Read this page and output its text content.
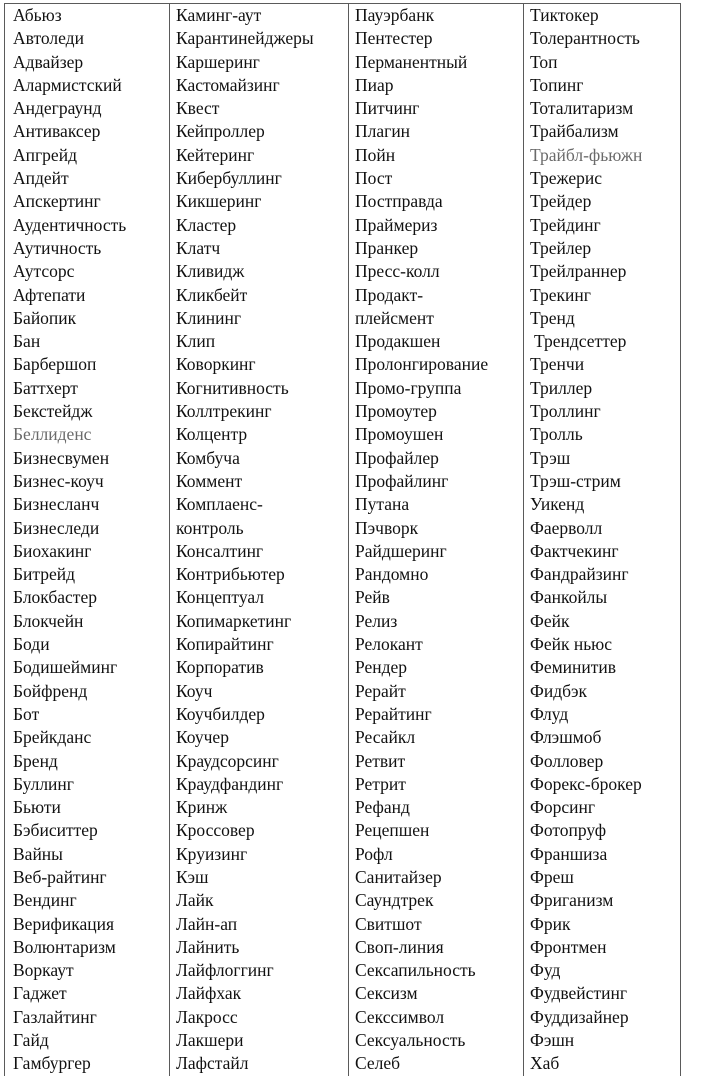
Абьюз	Каминг-аут	Пауэрбанк	Тиктокер
Автоледи	Карантинейджеры	Пентестер	Толерантность
Адвайзер	Каршеринг	Перманентный	Топ
Алармистский	Кастомайзинг	Пиар	Топинг
Андеграунд	Квест	Питчинг	Тоталитаризм
Антиваксер	Кейпроллер	Плагин	Трайбализм
Апгрейд	Кейтеринг	Пойн	Трайбл-фьюжн
Апдейт	Кибербуллинг	Пост	Трежерис
Апскертинг	Кикшеринг	Постправда	Трейдер
Аудентичность	Кластер	Праймериз	Трейдинг
Аутичность	Клатч	Пранкер	Трейлер
Аутсорс	Кливидж	Пресс-колл	Трейлраннер
Афтепати	Кликбейт	Продакт-	Трекинг
Байопик	Клининг	плейсмент	Тренд
Бан	Клип	Продакшен	Трендсеттер
Барбершоп	Коворкинг	Пролонгирование	Тренчи
Баттхерт	Когнитивность	Промо-группа	Триллер
Бекстейдж	Коллтрекинг	Промоутер	Троллинг
Беллиденс	Колцентр	Промоушен	Тролль
Бизнесвумен	Комбуча	Профайлер	Трэш
Бизнес-коуч	Коммент	Профайлинг	Трэш-стрим
Бизнесланч	Комплаенс-	Путана	Уикенд
Бизнеследи	контроль	Пэчворк	Фаерволл
Биохакинг	Консалтинг	Райдшеринг	Фактчекинг
Битрейд	Контрибьютер	Рандомно	Фандрайзинг
Блокбастер	Концептуал	Рейв	Фанкойлы
Блокчейн	Копимаркетинг	Релиз	Фейк
Боди	Копирайтинг	Релокант	Фейк ньюс
Бодишейминг	Корпоратив	Рендер	Феминитив
Бойфренд	Коуч	Рерайт	Фидбэк
Бот	Коучбилдер	Рерайтинг	Флуд
Брейкданс	Коучер	Ресайкл	Флэшмоб
Бренд	Краудсорсинг	Ретвит	Фолловер
Буллинг	Краудфандинг	Ретрит	Форекс-брокер
Бьюти	Кринж	Рефанд	Форсинг
Бэбиситтер	Кроссовер	Рецепшен	Фотопруф
Вайны	Круизинг	Рофл	Франшиза
Веб-райтинг	Кэш	Санитайзер	Фреш
Вендинг	Лайк	Саундтрек	Фриганизм
Верификация	Лайн-ап	Свитшот	Фрик
Волюнтаризм	Лайнить	Своп-линия	Фронтмен
Воркаут	Лайфлоггинг	Сексапильность	Фуд
Гаджет	Лайфхак	Сексизм	Фудвейстинг
Газлайтинг	Лакросс	Секссимвол	Фуддизайнер
Гайд	Лакшери	Сексуальность	Фэшн
Гамбургер	Лафстайл	Селеб	Хаб
